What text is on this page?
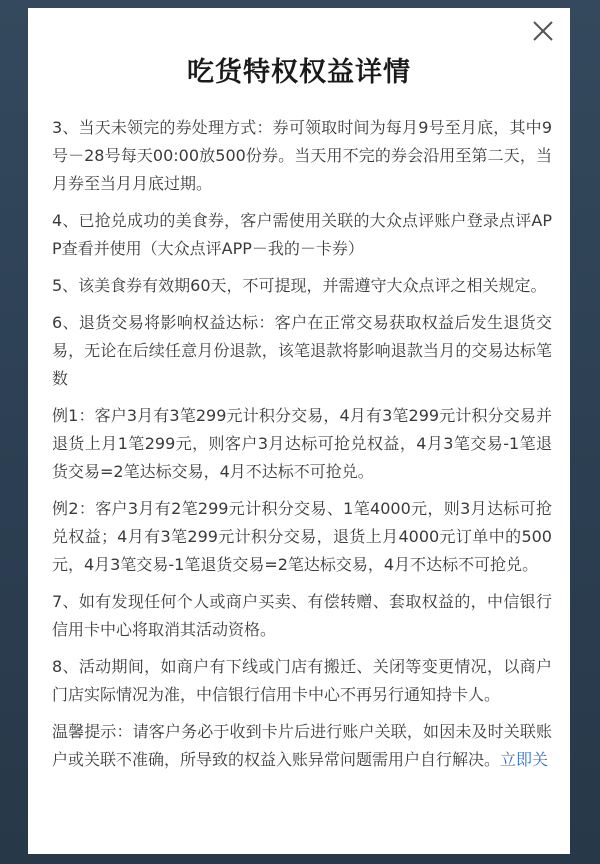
吃货特权权益详情

3、当天未领完的券处理方式：券可领取时间为每月9号至月底，其中9号－28号每天00:00放500份券。当天用不完的券会沿用至第二天，当月券至当月月底过期。

4、已抢兑成功的美食券，客户需使用关联的大众点评账户登录点评APP查看并使用（大众点评APP－我的－卡券）

5、该美食券有效期60天，不可提现，并需遵守大众点评之相关规定。

6、退货交易将影响权益达标：客户在正常交易获取权益后发生退货交易，无论在后续任意月份退款，该笔退款将影响退款当月的交易达标笔数

例1：客户3月有3笔299元计积分交易，4月有3笔299元计积分交易并退货上月1笔299元，则客户3月达标可抢兑权益，4月3笔交易-1笔退货交易=2笔达标交易，4月不达标不可抢兑。

例2：客户3月有2笔299元计积分交易、1笔4000元，则3月达标可抢兑权益；4月有3笔299元计积分交易，退货上月4000元订单中的500元，4月3笔交易-1笔退货交易=2笔达标交易，4月不达标不可抢兑。

7、如有发现任何个人或商户买卖、有偿转赠、套取权益的，中信银行信用卡中心将取消其活动资格。

8、活动期间，如商户有下线或门店有搬迁、关闭等变更情况，以商户门店实际情况为准，中信银行信用卡中心不再另行通知持卡人。

温馨提示：请客户务必于收到卡片后进行账户关联，如因未及时关联账户或关联不准确，所导致的权益入账异常问题需用户自行解决。立即关
